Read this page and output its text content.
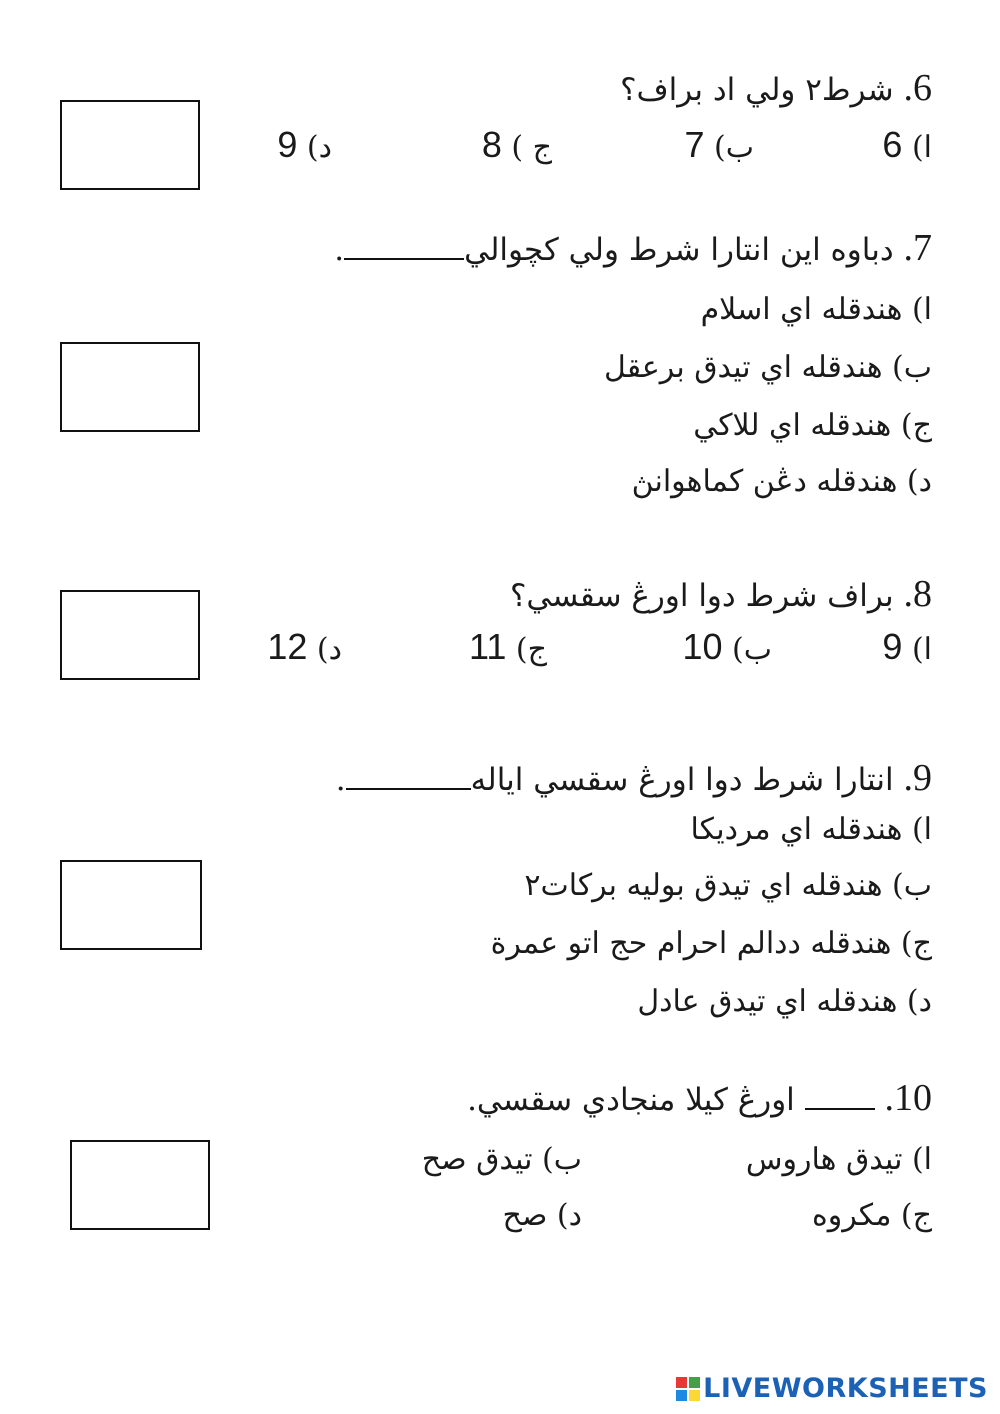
6. شرط٢ ولي اد براف؟
ا) 6
ب) 7
ج ) 8
د) 9
7. دباوه اين انتارا شرط ولي كچوالي.
ا) هندقله اي اسلام
ب) هندقله اي تيدق برعقل
ج) هندقله اي للاكي
د) هندقله دڠن كماهوانڽ
8. براف شرط دوا اورڠ سقسي؟
ا) 9
ب) 10
ج) 11
د) 12
9. انتارا شرط دوا اورڠ سقسي اياله.
ا) هندقله اي مرديكا
ب) هندقله اي تيدق بوليه بركات٢
ج) هندقله ددالم احرام حج اتو عمرة
د) هندقله اي تيدق عادل
10.  اورڠ كيلا منجادي سقسي.
ا) تيدق هاروس
ب) تيدق صح
ج) مكروه
د) صح
LIVEWORKSHEETS
